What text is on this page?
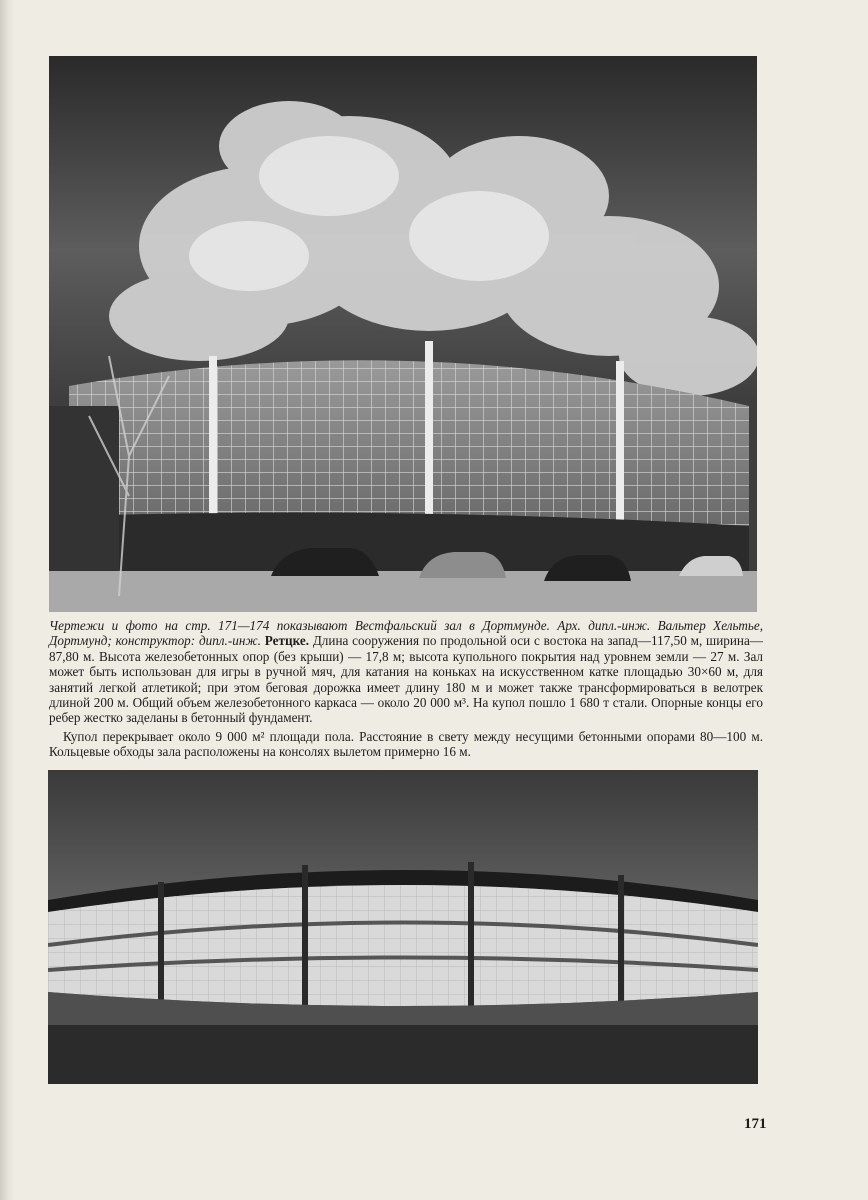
Чертежи и фото на стр. 171—174 показывают Вестфальский зал в Дортмунде. Арх. дипл.-инж. Вальтер Хельтье, Дортмунд; конструктор: дипл.-инж. Ретцке. Длина сооружения по продольной оси с востока на запад—117,50 м, ширина—87,80 м. Высота железобетонных опор (без крыши) — 17,8 м; высота купольного покрытия над уровнем земли — 27 м. Зал может быть использован для игры в ручной мяч, для катания на коньках на искусственном катке площадью 30×60 м, для занятий легкой атлетикой; при этом беговая дорожка имеет длину 180 м и может также трансформироваться в велотрек длиной 200 м. Общий объем железобетонного каркаса — около 20 000 м³. На купол пошло 1 680 т стали. Опорные концы его ребер жестко заделаны в бетонный фундамент.

Купол перекрывает около 9 000 м² площади пола. Расстояние в свету между несущими бетонными опорами 80—100 м. Кольцевые обходы зала расположены на консолях вылетом примерно 16 м.

171
